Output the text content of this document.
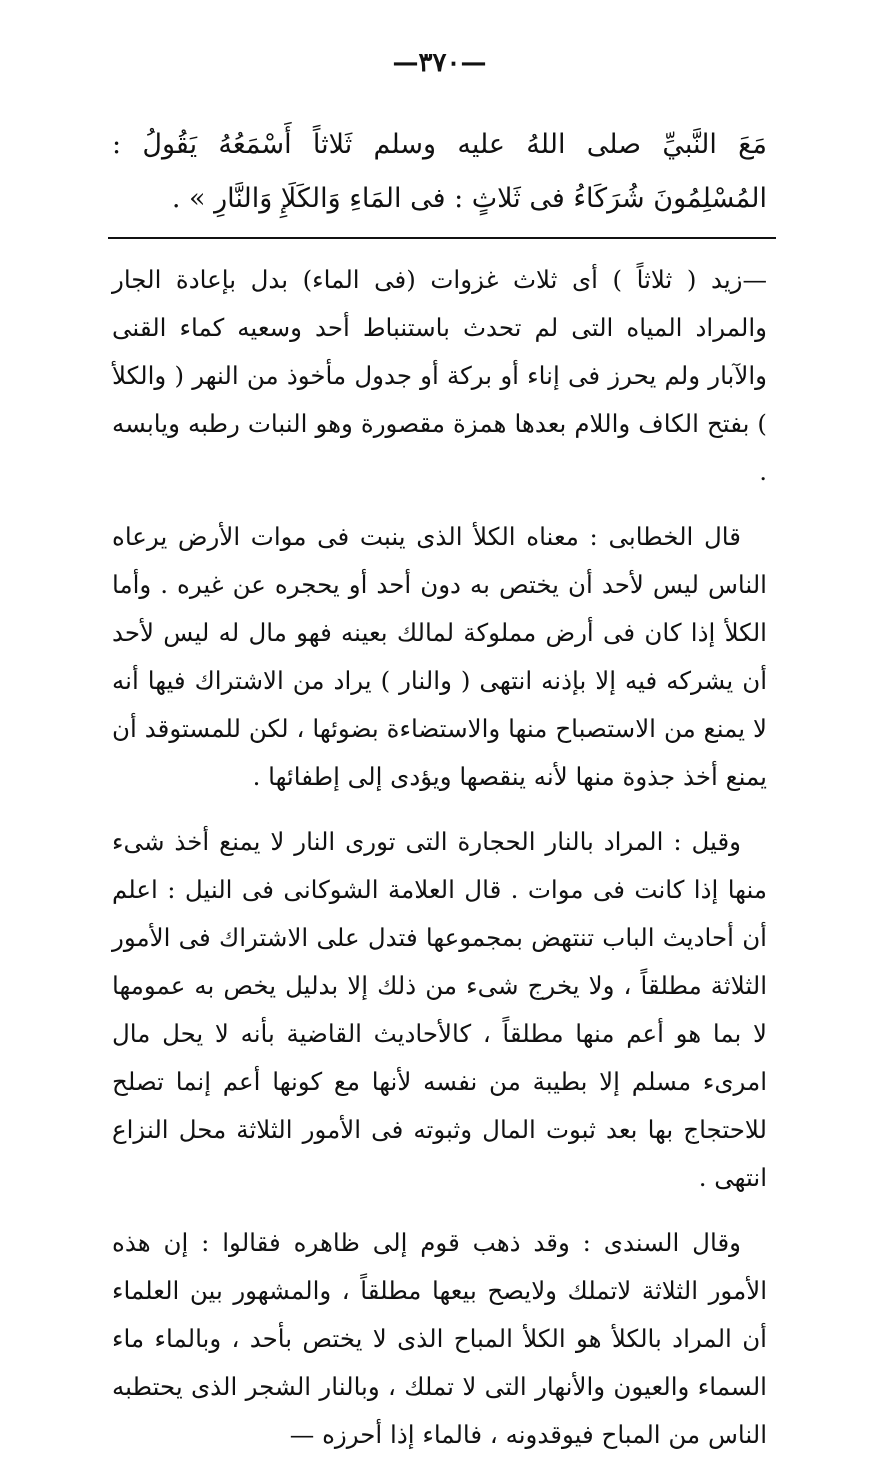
—٣٧٠—
مَعَ النَّبيِّ صلى اللهُ عليه وسلم ثَلاثاً أَسْمَعُهُ يَقُولُ : المُسْلِمُونَ شُرَكَاءُ فى ثَلاثٍ : فى المَاءِ وَالكَلَإِ وَالنَّارِ » .

—زيد ( ثلاثاً ) أى ثلاث غزوات (فى الماء) بدل بإعادة الجار والمراد المياه التى لم تحدث باستنباط أحد وسعيه كماء القنى والآبار ولم يحرز فى إناء أو بركة أو جدول مأخوذ من النهر ( والكلأ ) بفتح الكاف واللام بعدها همزة مقصورة وهو النبات رطبه ويابسه .

قال الخطابى : معناه الكلأ الذى ينبت فى موات الأرض يرعاه الناس ليس لأحد أن يختص به دون أحد أو يحجره عن غيره . وأما الكلأ إذا كان فى أرض مملوكة لمالك بعينه فهو مال له ليس لأحد أن يشركه فيه إلا بإذنه انتهى ( والنار ) يراد من الاشتراك فيها أنه لا يمنع من الاستصباح منها والاستضاءة بضوئها ، لكن للمستوقد أن يمنع أخذ جذوة منها لأنه ينقصها ويؤدى إلى إطفائها .

وقيل : المراد بالنار الحجارة التى تورى النار لا يمنع أخذ شىء منها إذا كانت فى موات . قال العلامة الشوكانى فى النيل : اعلم أن أحاديث الباب تنتهض بمجموعها فتدل على الاشتراك فى الأمور الثلاثة مطلقاً ، ولا يخرج شىء من ذلك إلا بدليل يخص به عمومها لا بما هو أعم منها مطلقاً ، كالأحاديث القاضية بأنه لا يحل مال امرىء مسلم إلا بطيبة من نفسه لأنها مع كونها أعم إنما تصلح للاحتجاج بها بعد ثبوت المال وثبوته فى الأمور الثلاثة محل النزاع انتهى .

وقال السندى : وقد ذهب قوم إلى ظاهره فقالوا : إن هذه الأمور الثلاثة لاتملك ولايصح بيعها مطلقاً ، والمشهور بين العلماء أن المراد بالكلأ هو الكلأ المباح الذى لا يختص بأحد ، وبالماء ماء السماء والعيون والأنهار التى لا تملك ، وبالنار الشجر الذى يحتطبه الناس من المباح فيوقدونه ، فالماء إذا أحرزه —
